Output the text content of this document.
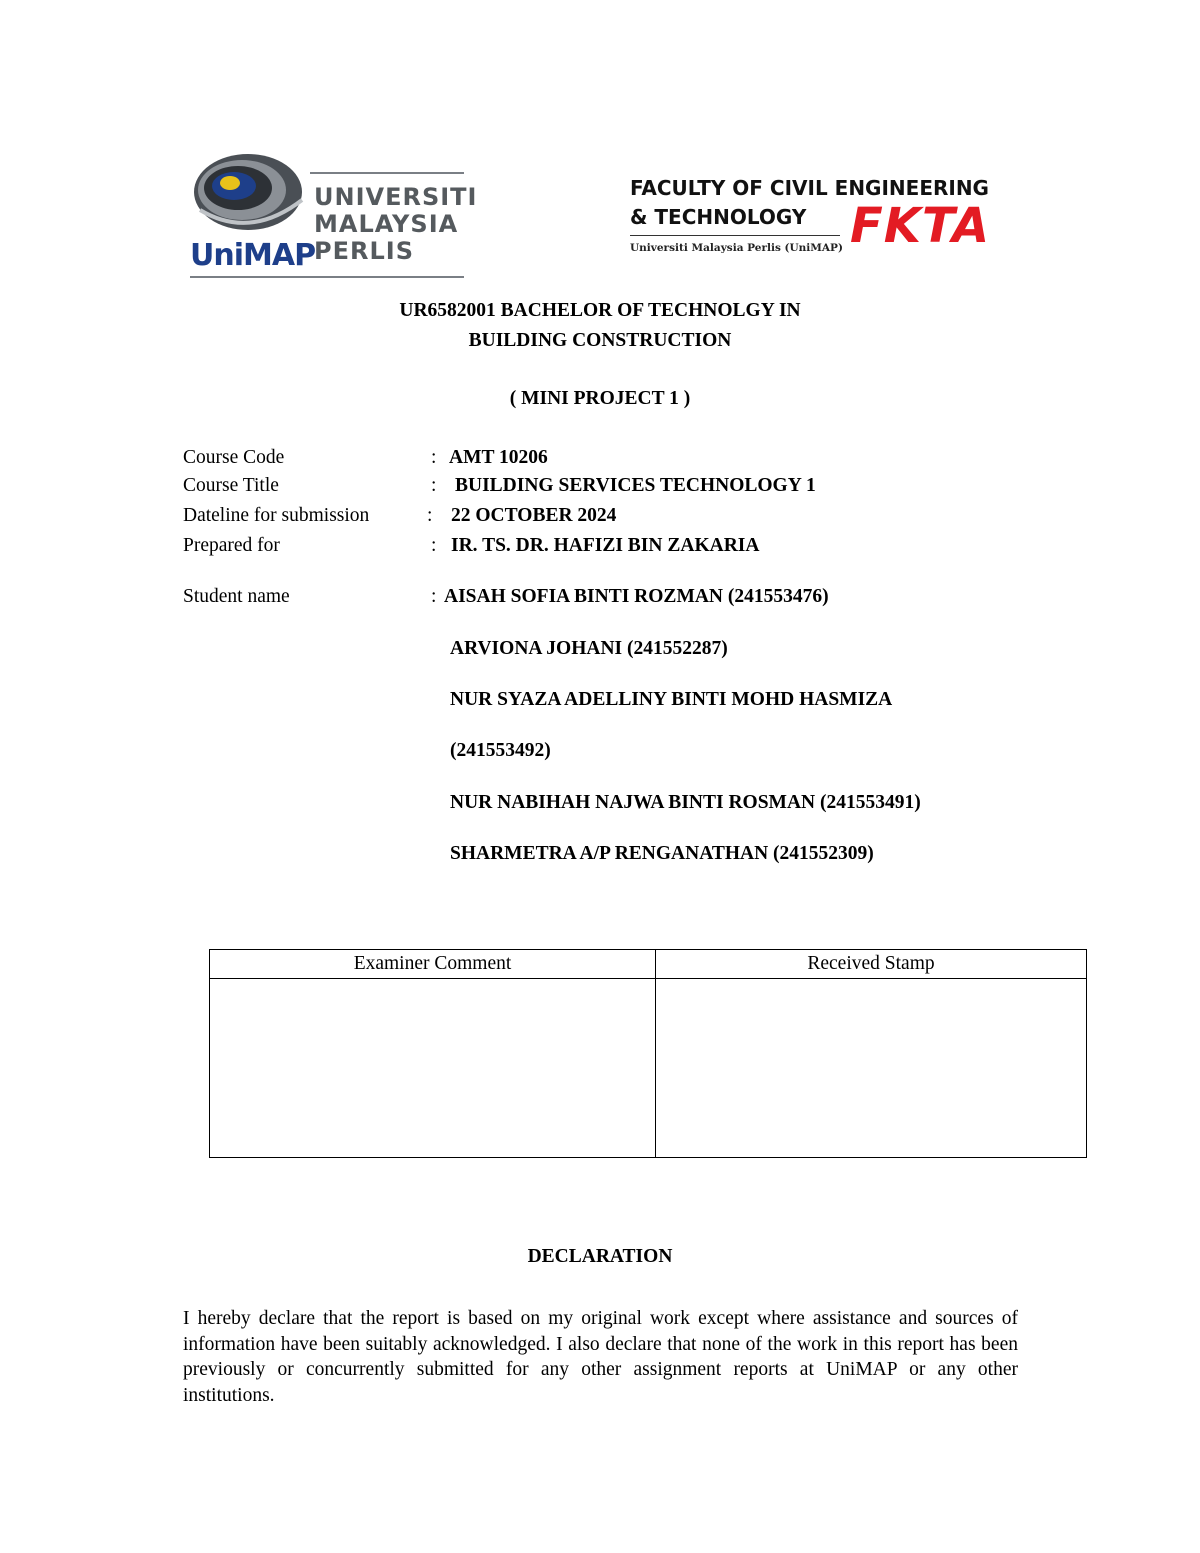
UniMAP
UNIVERSITI
MALAYSIA
PERLIS
FACULTY OF CIVIL ENGINEERING
& TECHNOLOGY
Universiti Malaysia Perlis (UniMAP) FKTA
UR6582001 BACHELOR OF TECHNOLGY IN
BUILDING CONSTRUCTION
( MINI PROJECT 1 )
Course Code	: AMT 10206
Course Title	: BUILDING SERVICES TECHNOLOGY 1
Dateline for submission	: 22 OCTOBER 2024
Prepared for	: IR. TS. DR. HAFIZI BIN ZAKARIA
Student name	: AISAH SOFIA BINTI ROZMAN (241553476)
ARVIONA JOHANI (241552287)
NUR SYAZA ADELLINY BINTI MOHD HASMIZA
(241553492)
NUR NABIHAH NAJWA BINTI ROSMAN (241553491)
SHARMETRA A/P RENGANATHAN (241552309)
Examiner Comment	Received Stamp

DECLARATION
I hereby declare that the report is based on my original work except where assistance and sources of information have been suitably acknowledged. I also declare that none of the work in this report has been previously or concurrently submitted for any other assignment reports at UniMAP or any other institutions.
